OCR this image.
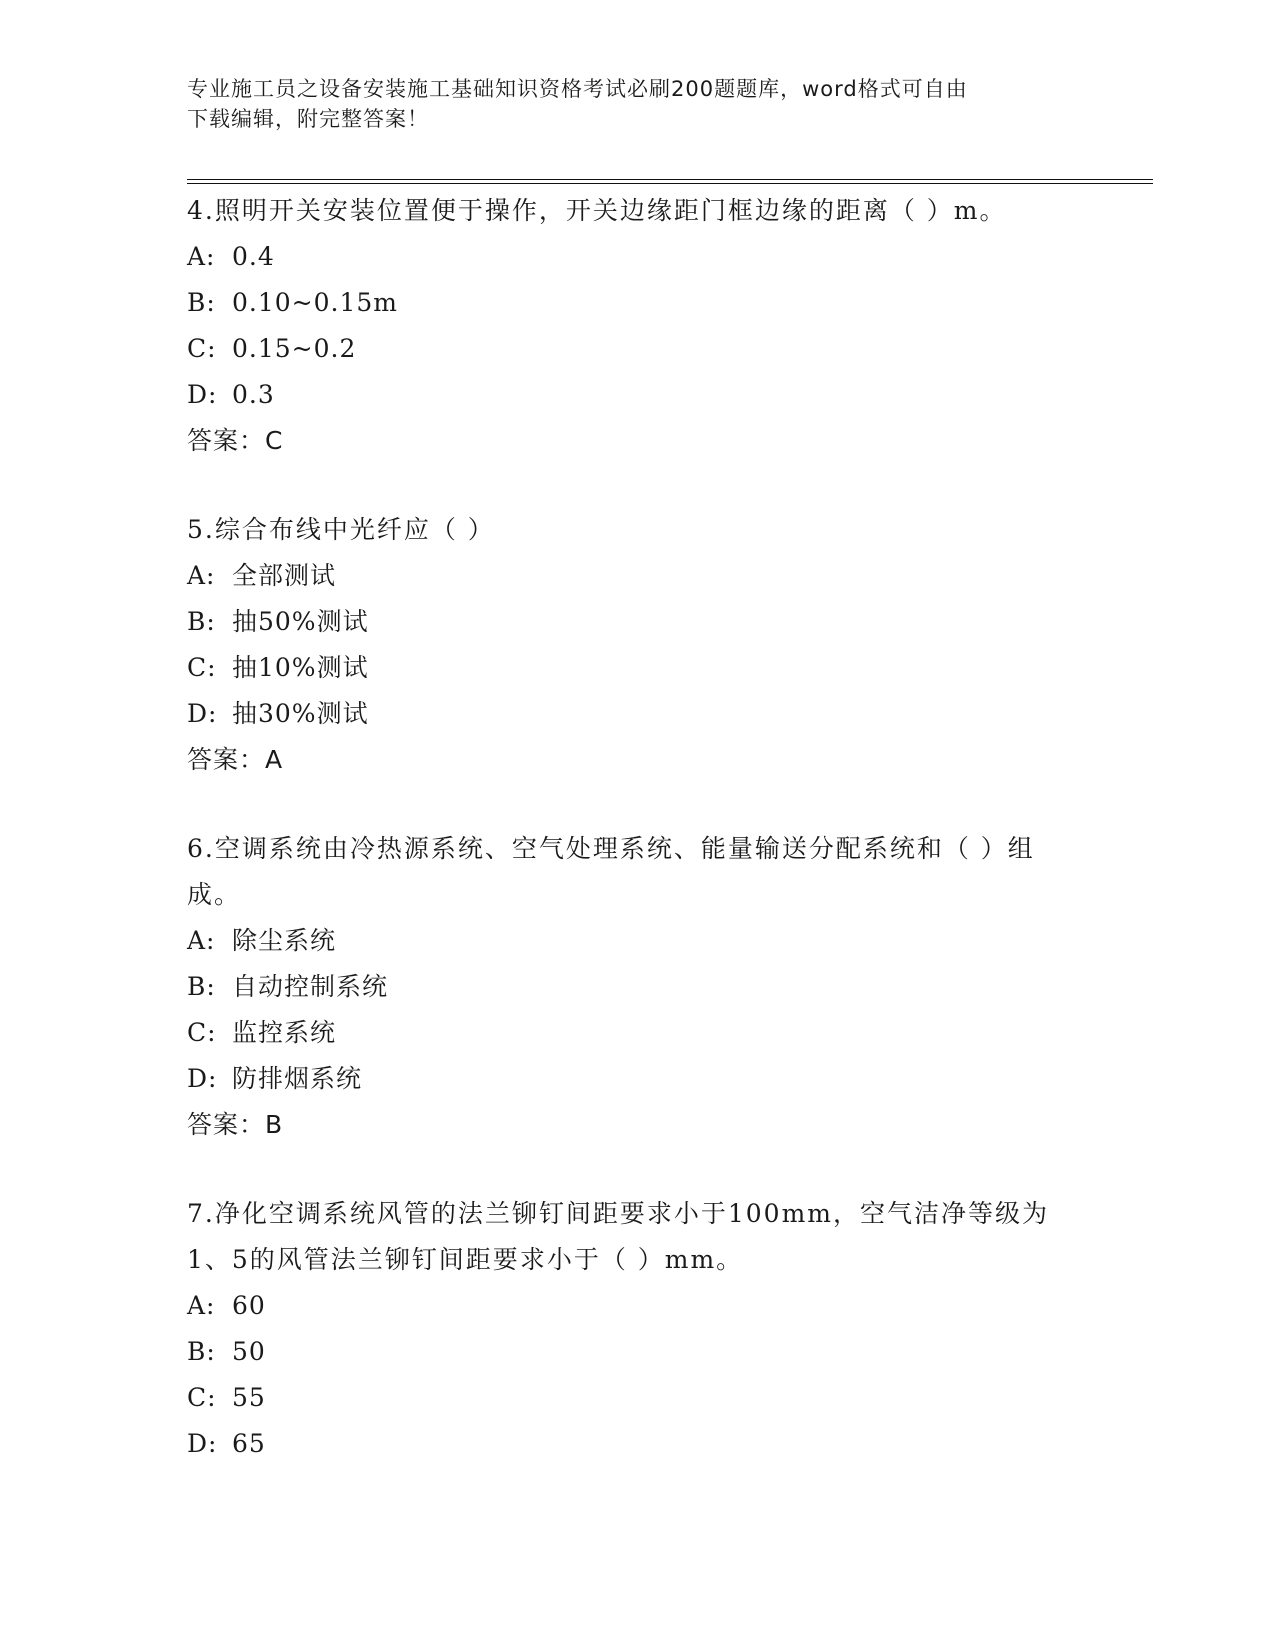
专业施工员之设备安装施工基础知识资格考试必刷200题题库，word格式可自由
下载编辑，附完整答案！
4.照明开关安装位置便于操作，开关边缘距门框边缘的距离（ ）m。
A: 0.4
B: 0.10~0.15m
C: 0.15~0.2
D: 0.3
答案：C
5.综合布线中光纤应（ ）
A: 全部测试
B: 抽50%测试
C: 抽10%测试
D: 抽30%测试
答案：A
6.空调系统由冷热源系统、空气处理系统、能量输送分配系统和（ ）组成。
A: 除尘系统
B: 自动控制系统
C: 监控系统
D: 防排烟系统
答案：B
7.净化空调系统风管的法兰铆钉间距要求小于100mm，空气洁净等级为1、5的风管法兰铆钉间距要求小于（ ）mm。
A: 60
B: 50
C: 55
D: 65
